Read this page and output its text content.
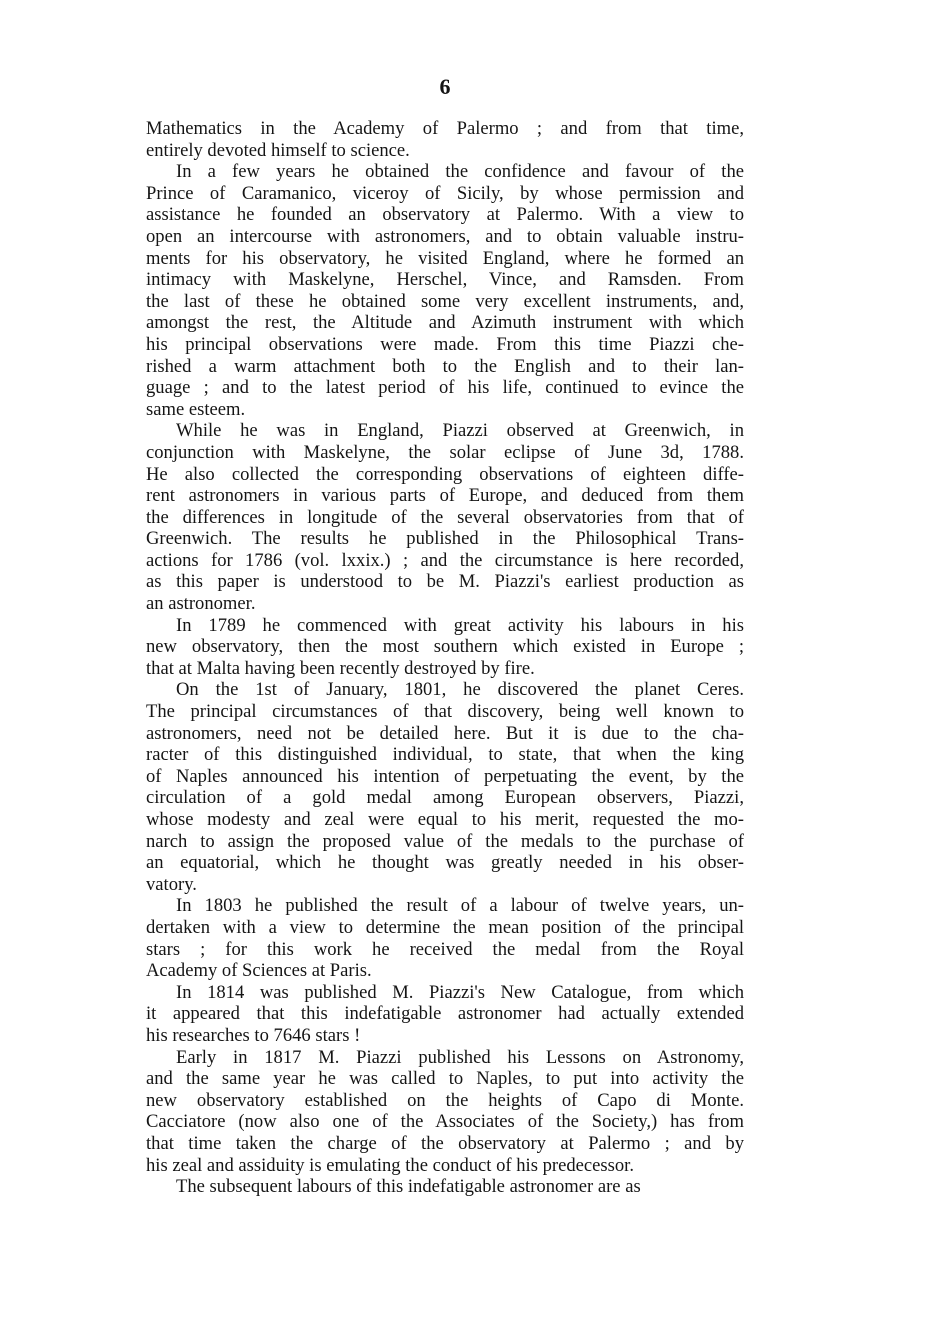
6
Mathematics in the Academy of Palermo ; and from that time,
entirely devoted himself to science.
In a few years he obtained the confidence and favour of the
Prince of Caramanico, viceroy of Sicily, by whose permission and
assistance he founded an observatory at Palermo. With a view to
open an intercourse with astronomers, and to obtain valuable instru-
ments for his observatory, he visited England, where he formed an
intimacy with Maskelyne, Herschel, Vince, and Ramsden. From
the last of these he obtained some very excellent instruments, and,
amongst the rest, the Altitude and Azimuth instrument with which
his principal observations were made. From this time Piazzi che-
rished a warm attachment both to the English and to their lan-
guage ; and to the latest period of his life, continued to evince the
same esteem.
While he was in England, Piazzi observed at Greenwich, in
conjunction with Maskelyne, the solar eclipse of June 3d, 1788.
He also collected the corresponding observations of eighteen diffe-
rent astronomers in various parts of Europe, and deduced from them
the differences in longitude of the several observatories from that of
Greenwich. The results he published in the Philosophical Trans-
actions for 1786 (vol. lxxix.) ; and the circumstance is here recorded,
as this paper is understood to be M. Piazzi's earliest production as
an astronomer.
In 1789 he commenced with great activity his labours in his
new observatory, then the most southern which existed in Europe ;
that at Malta having been recently destroyed by fire.
On the 1st of January, 1801, he discovered the planet Ceres.
The principal circumstances of that discovery, being well known to
astronomers, need not be detailed here. But it is due to the cha-
racter of this distinguished individual, to state, that when the king
of Naples announced his intention of perpetuating the event, by the
circulation of a gold medal among European observers, Piazzi,
whose modesty and zeal were equal to his merit, requested the mo-
narch to assign the proposed value of the medals to the purchase of
an equatorial, which he thought was greatly needed in his obser-
vatory.
In 1803 he published the result of a labour of twelve years, un-
dertaken with a view to determine the mean position of the principal
stars ; for this work he received the medal from the Royal
Academy of Sciences at Paris.
In 1814 was published M. Piazzi's New Catalogue, from which
it appeared that this indefatigable astronomer had actually extended
his researches to 7646 stars !
Early in 1817 M. Piazzi published his Lessons on Astronomy,
and the same year he was called to Naples, to put into activity the
new observatory established on the heights of Capo di Monte.
Cacciatore (now also one of the Associates of the Society,) has from
that time taken the charge of the observatory at Palermo ; and by
his zeal and assiduity is emulating the conduct of his predecessor.
The subsequent labours of this indefatigable astronomer are as
